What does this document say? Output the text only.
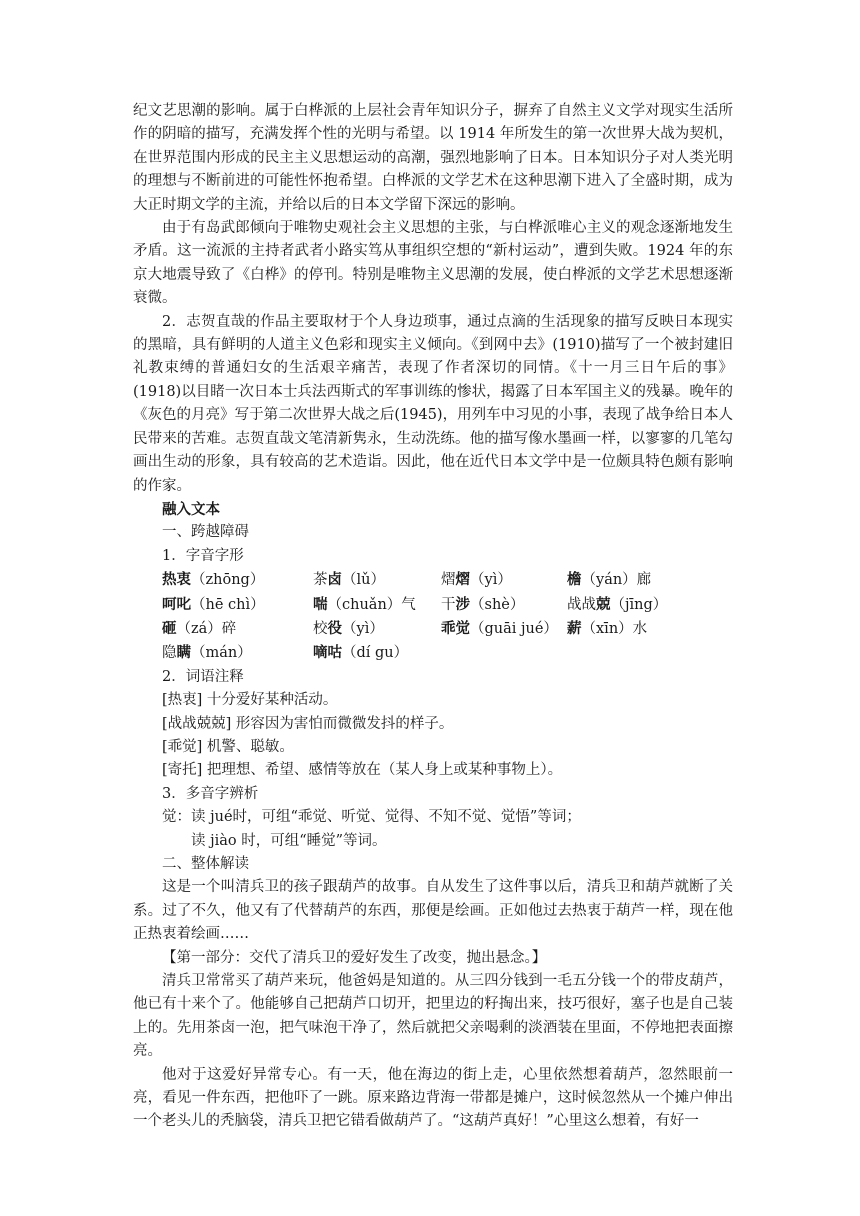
纪文艺思潮的影响。属于白桦派的上层社会青年知识分子，摒弃了自然主义文学对现实生活所作的阴暗的描写，充满发挥个性的光明与希望。以 1914 年所发生的第一次世界大战为契机，在世界范围内形成的民主主义思想运动的高潮，强烈地影响了日本。日本知识分子对人类光明的理想与不断前进的可能性怀抱希望。白桦派的文学艺术在这种思潮下进入了全盛时期，成为大正时期文学的主流，并给以后的日本文学留下深远的影响。

由于有岛武郎倾向于唯物史观社会主义思想的主张，与白桦派唯心主义的观念逐渐地发生矛盾。这一流派的主持者武者小路实笃从事组织空想的“新村运动”，遭到失败。1924 年的东京大地震导致了《白桦》的停刊。特别是唯物主义思潮的发展，使白桦派的文学艺术思想逐渐衰微。

2．志贺直哉的作品主要取材于个人身边琐事，通过点滴的生活现象的描写反映日本现实的黑暗，具有鲜明的人道主义色彩和现实主义倾向。《到网中去》(1910)描写了一个被封建旧礼教束缚的普通妇女的生活艰辛痛苦，表现了作者深切的同情。《十一月三日午后的事》(1918)以目睹一次日本士兵法西斯式的军事训练的惨状，揭露了日本军国主义的残暴。晚年的《灰色的月亮》写于第二次世界大战之后(1945)，用列车中习见的小事，表现了战争给日本人民带来的苦难。志贺直哉文笔清新隽永，生动洗练。他的描写像水墨画一样，以寥寥的几笔勾画出生动的形象，具有较高的艺术造诣。因此，他在近代日本文学中是一位颇具特色颇有影响的作家。

融入文本

一、跨越障碍

1．字音字形

热衷（zhōng）	茶卤（lǔ）	熠熠（yì）	檐（yán）廊
呵叱（hē chì）	喘（chuǎn）气	干涉（shè）	战战兢（jīng）
砸（zá）碎	校役（yì）	乖觉（guāi jué） 薪（xīn）水
隐瞒（mán）	嘀咕（dí gu）

2．词语注释

[热衷] 十分爱好某种活动。

[战战兢兢] 形容因为害怕而微微发抖的样子。

[乖觉] 机警、聪敏。

[寄托] 把理想、希望、感情等放在（某人身上或某种事物上）。

3．多音字辨析

觉：读 jué时，可组“乖觉、听觉、觉得、不知不觉、觉悟”等词；

读 jiào 时，可组“睡觉”等词。

二、整体解读

这是一个叫清兵卫的孩子跟葫芦的故事。自从发生了这件事以后，清兵卫和葫芦就断了关系。过了不久，他又有了代替葫芦的东西，那便是绘画。正如他过去热衷于葫芦一样，现在他正热衷着绘画……

【第一部分：交代了清兵卫的爱好发生了改变，抛出悬念。】

清兵卫常常买了葫芦来玩，他爸妈是知道的。从三四分钱到一毛五分钱一个的带皮葫芦，他已有十来个了。他能够自己把葫芦口切开，把里边的籽掏出来，技巧很好，塞子也是自己装上的。先用茶卤一泡，把气味泡干净了，然后就把父亲喝剩的淡酒装在里面，不停地把表面擦亮。

他对于这爱好异常专心。有一天，他在海边的街上走，心里依然想着葫芦，忽然眼前一亮，看见一件东西，把他吓了一跳。原来路边背海一带都是摊户，这时候忽然从一个摊户伸出一个老头儿的秃脑袋，清兵卫把它错看做葫芦了。“这葫芦真好！”心里这么想着，有好一
